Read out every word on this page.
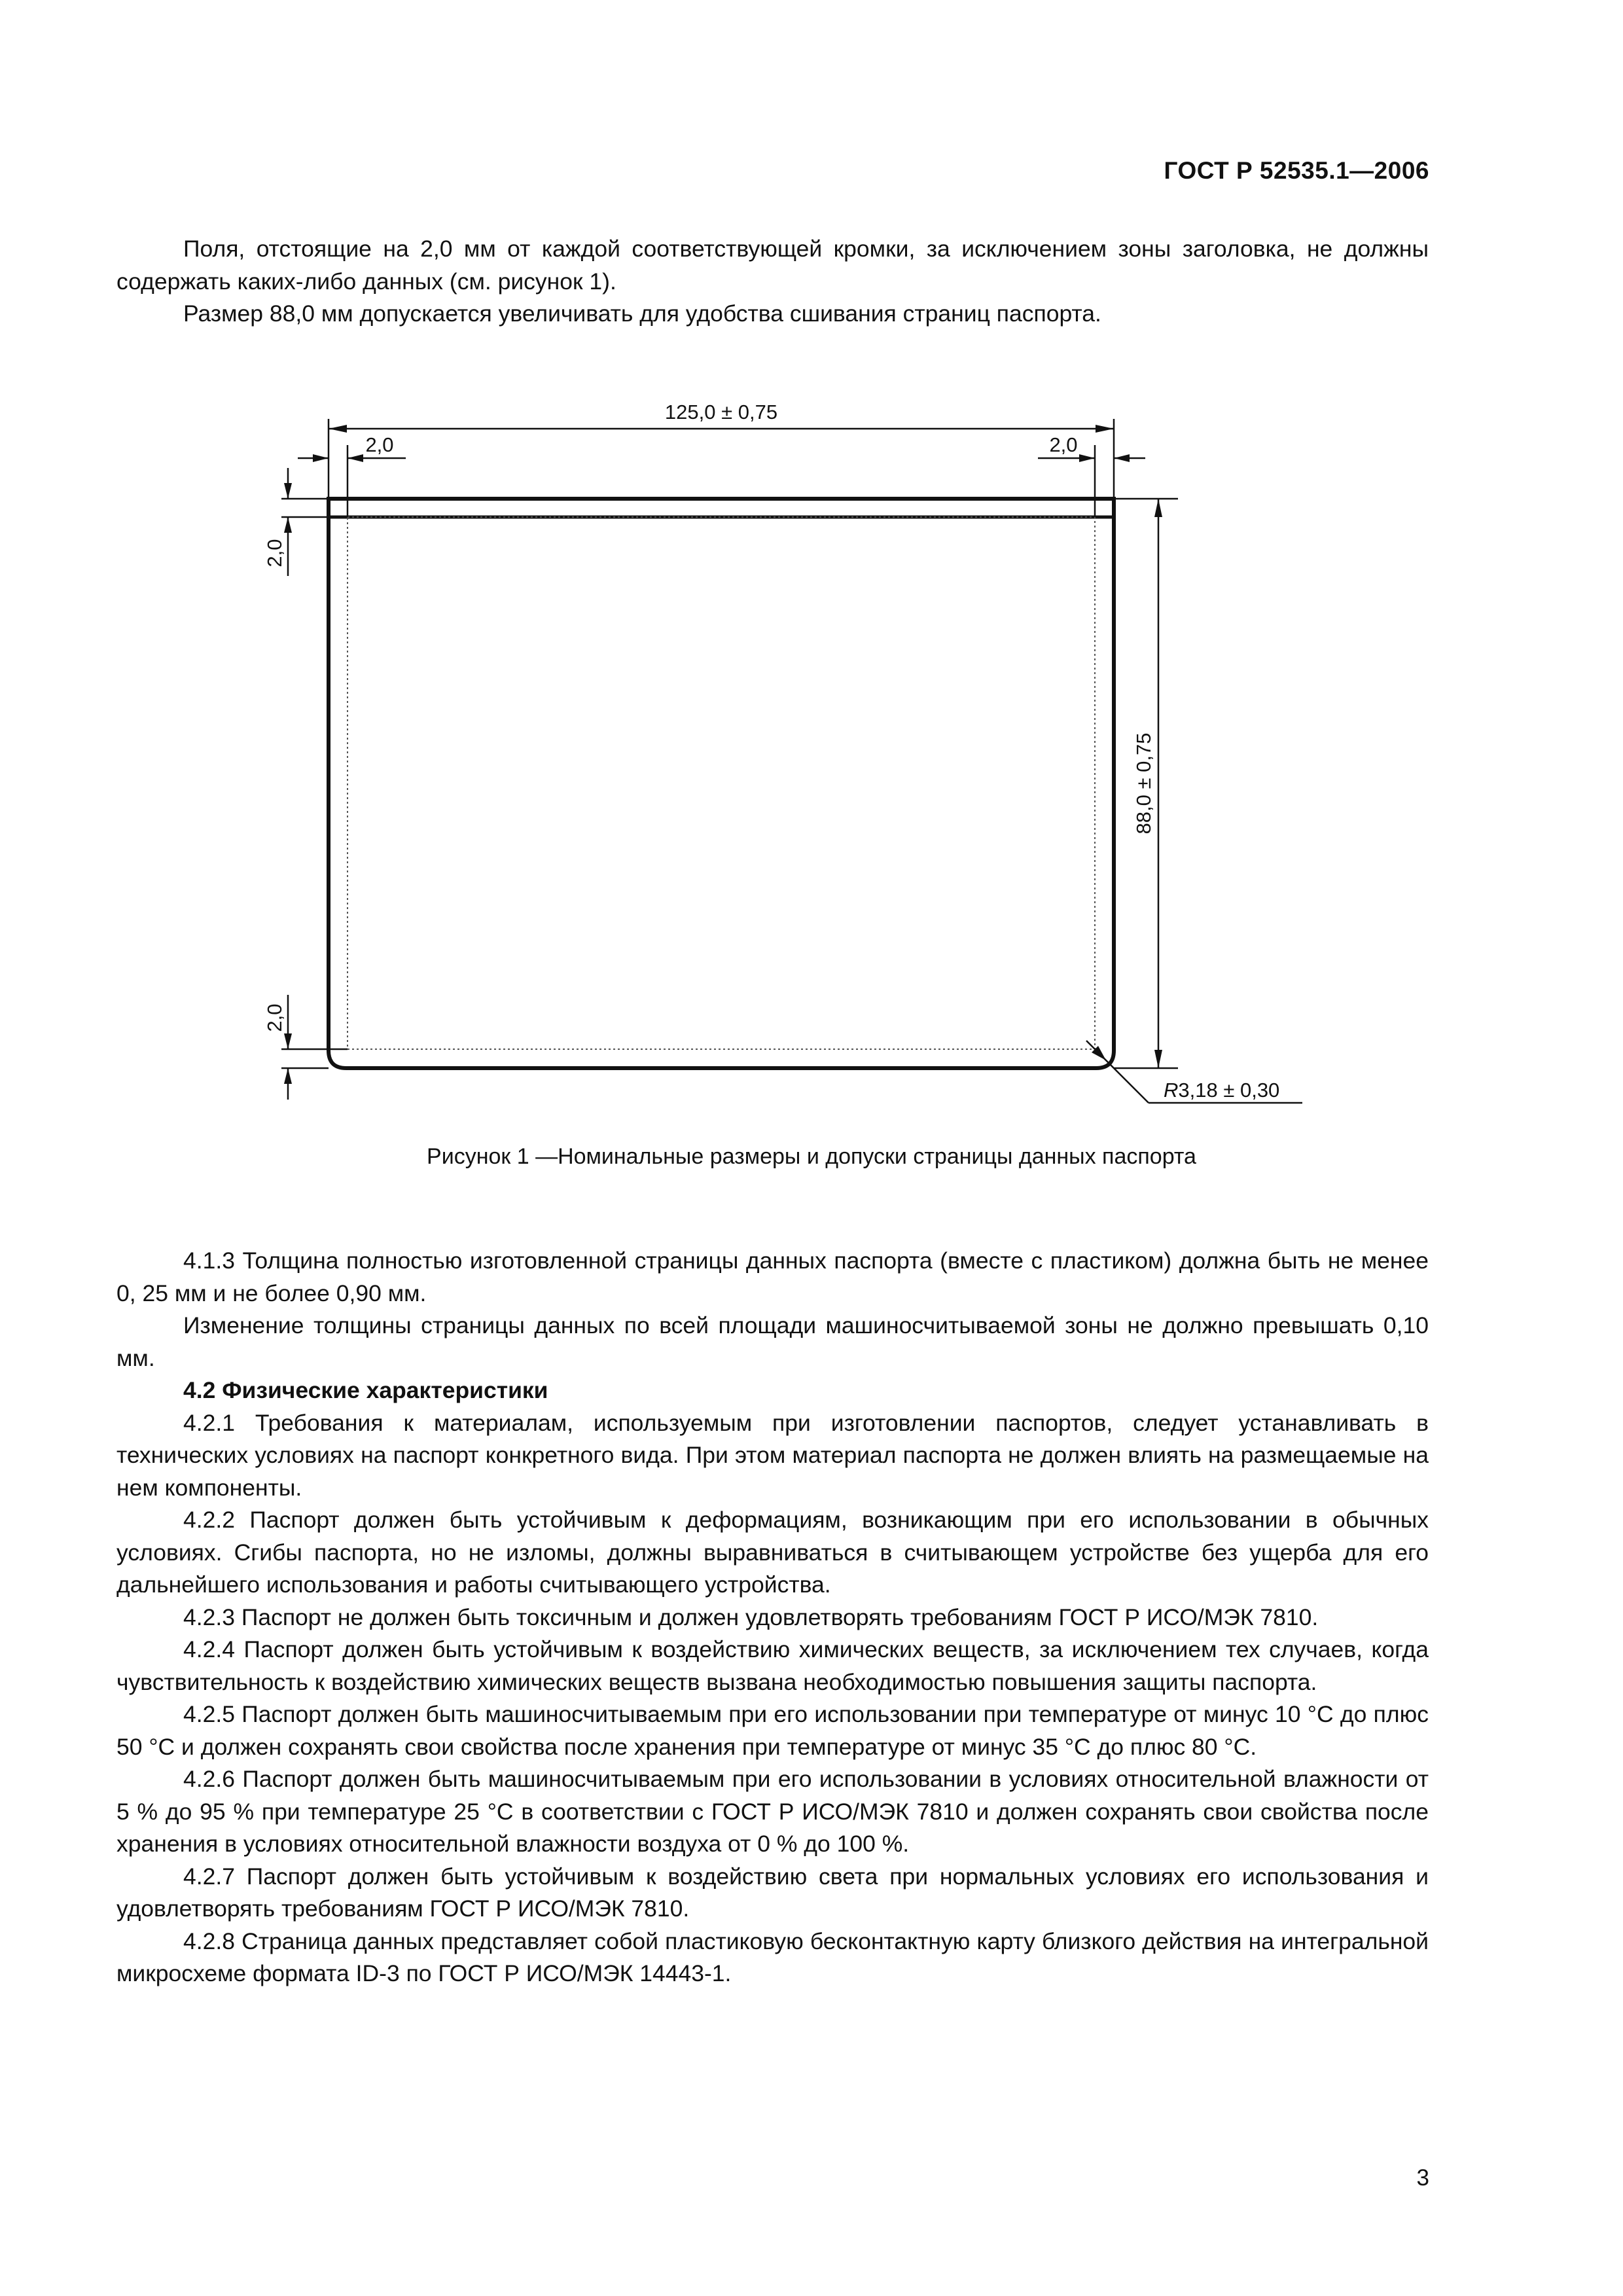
ГОСТ Р 52535.1—2006

Поля, отстоящие на 2,0 мм от каждой соответствующей кромки, за исключением зоны заголовка, не должны содержать каких-либо данных (см. рисунок 1).

Размер 88,0 мм допускается увеличивать для удобства сшивания страниц паспорта.

125,0 ± 0,75
2,0	2,0
88,0 ± 0,75
2,0
2,0
R3,18 ± 0,30
Рисунок 1 —Номинальные размеры и допуски страницы данных паспорта

4.1.3 Толщина полностью изготовленной страницы данных паспорта (вместе с пластиком) должна быть не менее 0, 25 мм и не более 0,90 мм.

Изменение толщины страницы данных по всей площади машиносчитываемой зоны не должно превышать 0,10 мм.

4.2 Физические характеристики

4.2.1 Требования к материалам, используемым при изготовлении паспортов, следует устанавливать в технических условиях на паспорт конкретного вида. При этом материал паспорта не должен влиять на размещаемые на нем компоненты.

4.2.2 Паспорт должен быть устойчивым к деформациям, возникающим при его использовании в обычных условиях. Сгибы паспорта, но не изломы, должны выравниваться в считывающем устройстве без ущерба для его дальнейшего использования и работы считывающего устройства.

4.2.3 Паспорт не должен быть токсичным и должен удовлетворять требованиям ГОСТ Р ИСО/МЭК 7810.

4.2.4 Паспорт должен быть устойчивым к воздействию химических веществ, за исключением тех случаев, когда чувствительность к воздействию химических веществ вызвана необходимостью повышения защиты паспорта.

4.2.5 Паспорт должен быть машиносчитываемым при его использовании при температуре от минус 10 °С до плюс 50 °С и должен сохранять свои свойства после хранения при температуре от минус 35 °С до плюс 80 °С.

4.2.6 Паспорт должен быть машиносчитываемым при его использовании в условиях относительной влажности от 5 % до 95 % при температуре 25 °С в соответствии с ГОСТ Р ИСО/МЭК 7810 и должен сохранять свои свойства после хранения в условиях относительной влажности воздуха от 0 % до 100 %.

4.2.7 Паспорт должен быть устойчивым к воздействию света при нормальных условиях его использования и удовлетворять требованиям ГОСТ Р ИСО/МЭК 7810.

4.2.8 Страница данных представляет собой пластиковую бесконтактную карту близкого действия на интегральной микросхеме формата ID-3 по ГОСТ Р ИСО/МЭК 14443-1.

3
